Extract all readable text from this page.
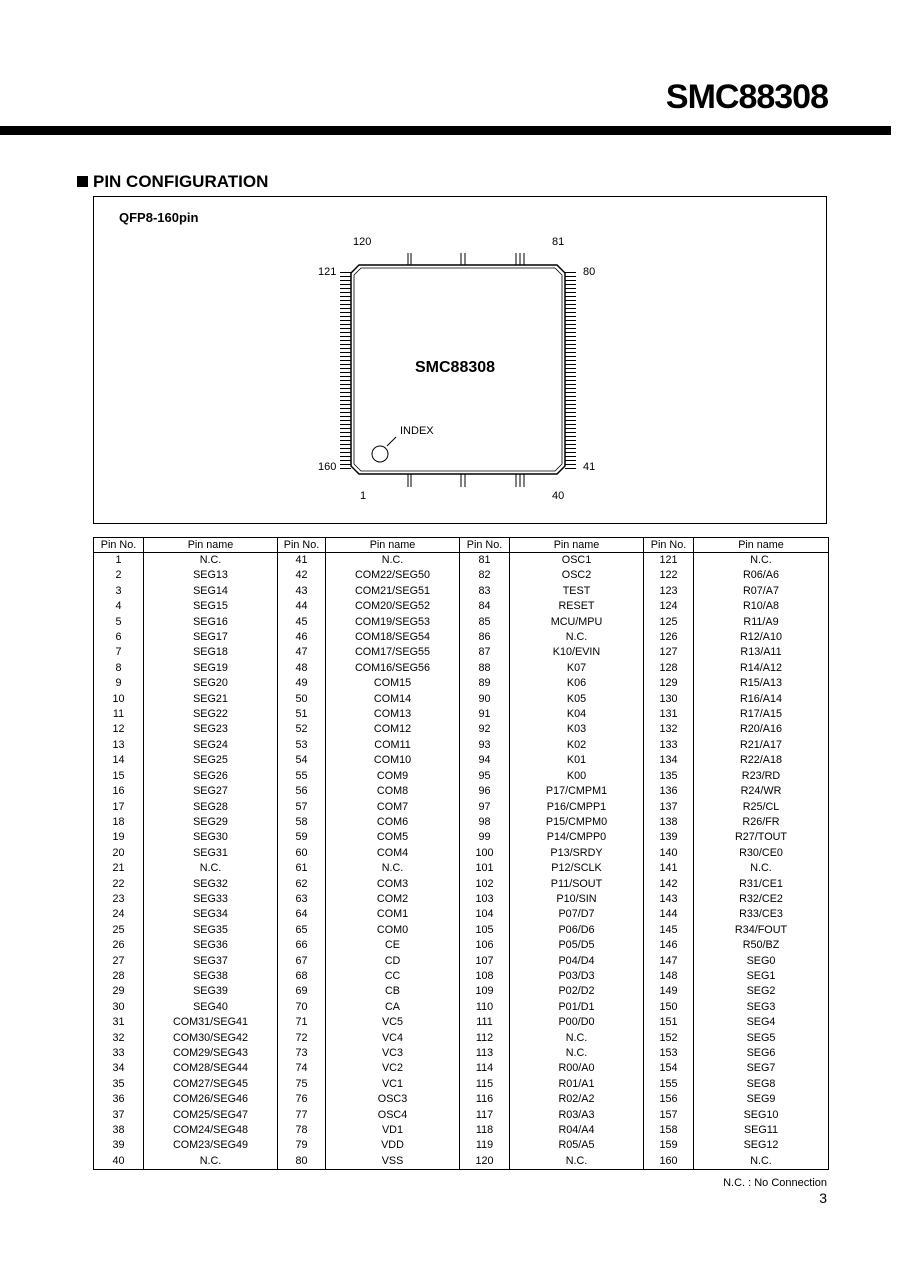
SMC88308
PIN CONFIGURATION
QFP8-160pin
120	81
121	80
160	41
1	40
SMC88308
INDEX
Pin No.	Pin name	Pin No.	Pin name	Pin No.	Pin name	Pin No.	Pin name
1	N.C.	41	N.C.	81	OSC1	121	N.C.
2	SEG13	42	COM22/SEG50	82	OSC2	122	R06/A6
3	SEG14	43	COM21/SEG51	83	TEST	123	R07/A7
4	SEG15	44	COM20/SEG52	84	RESET	124	R10/A8
5	SEG16	45	COM19/SEG53	85	MCU/MPU	125	R11/A9
6	SEG17	46	COM18/SEG54	86	N.C.	126	R12/A10
7	SEG18	47	COM17/SEG55	87	K10/EVIN	127	R13/A11
8	SEG19	48	COM16/SEG56	88	K07	128	R14/A12
9	SEG20	49	COM15	89	K06	129	R15/A13
10	SEG21	50	COM14	90	K05	130	R16/A14
11	SEG22	51	COM13	91	K04	131	R17/A15
12	SEG23	52	COM12	92	K03	132	R20/A16
13	SEG24	53	COM11	93	K02	133	R21/A17
14	SEG25	54	COM10	94	K01	134	R22/A18
15	SEG26	55	COM9	95	K00	135	R23/RD
16	SEG27	56	COM8	96	P17/CMPM1	136	R24/WR
17	SEG28	57	COM7	97	P16/CMPP1	137	R25/CL
18	SEG29	58	COM6	98	P15/CMPM0	138	R26/FR
19	SEG30	59	COM5	99	P14/CMPP0	139	R27/TOUT
20	SEG31	60	COM4	100	P13/SRDY	140	R30/CE0
21	N.C.	61	N.C.	101	P12/SCLK	141	N.C.
22	SEG32	62	COM3	102	P11/SOUT	142	R31/CE1
23	SEG33	63	COM2	103	P10/SIN	143	R32/CE2
24	SEG34	64	COM1	104	P07/D7	144	R33/CE3
25	SEG35	65	COM0	105	P06/D6	145	R34/FOUT
26	SEG36	66	CE	106	P05/D5	146	R50/BZ
27	SEG37	67	CD	107	P04/D4	147	SEG0
28	SEG38	68	CC	108	P03/D3	148	SEG1
29	SEG39	69	CB	109	P02/D2	149	SEG2
30	SEG40	70	CA	110	P01/D1	150	SEG3
31	COM31/SEG41	71	VC5	111	P00/D0	151	SEG4
32	COM30/SEG42	72	VC4	112	N.C.	152	SEG5
33	COM29/SEG43	73	VC3	113	N.C.	153	SEG6
34	COM28/SEG44	74	VC2	114	R00/A0	154	SEG7
35	COM27/SEG45	75	VC1	115	R01/A1	155	SEG8
36	COM26/SEG46	76	OSC3	116	R02/A2	156	SEG9
37	COM25/SEG47	77	OSC4	117	R03/A3	157	SEG10
38	COM24/SEG48	78	VD1	118	R04/A4	158	SEG11
39	COM23/SEG49	79	VDD	119	R05/A5	159	SEG12
40	N.C.	80	VSS	120	N.C.	160	N.C.
N.C. : No Connection
3
